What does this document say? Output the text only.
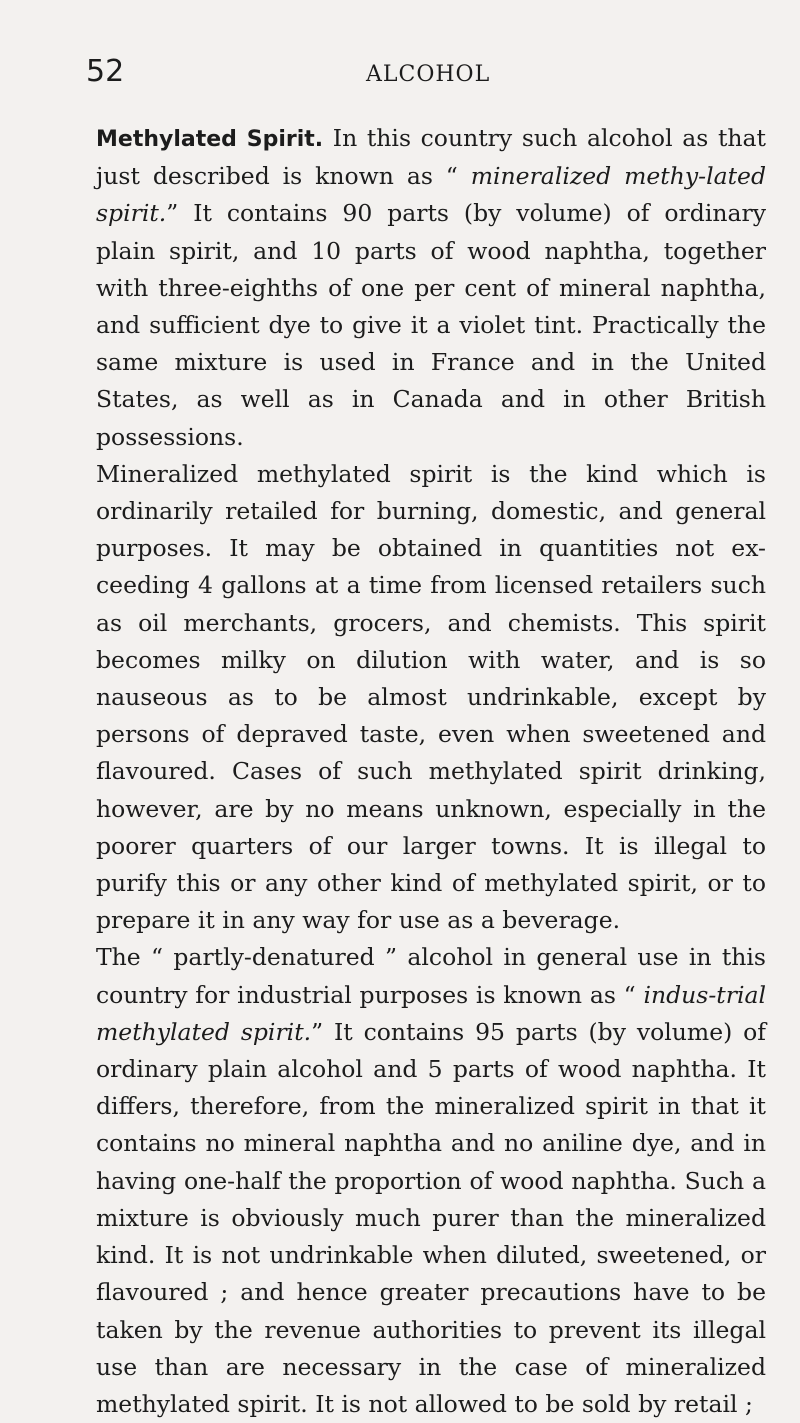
52	ALCOHOL

Methylated Spirit. In this country such alcohol as that just described is known as “ mineralized methy-lated spirit.” It contains 90 parts (by volume) of ordinary plain spirit, and 10 parts of wood naphtha, together with three-eighths of one per cent of mineral naphtha, and sufficient dye to give it a violet tint. Practically the same mixture is used in France and in the United States, as well as in Canada and in other British possessions.

Mineralized methylated spirit is the kind which is ordinarily retailed for burning, domestic, and general purposes. It may be obtained in quantities not ex-ceeding 4 gallons at a time from licensed retailers such as oil merchants, grocers, and chemists. This spirit becomes milky on dilution with water, and is so nauseous as to be almost undrinkable, except by persons of depraved taste, even when sweetened and flavoured. Cases of such methylated spirit drinking, however, are by no means unknown, especially in the poorer quarters of our larger towns. It is illegal to purify this or any other kind of methylated spirit, or to prepare it in any way for use as a beverage.

The “ partly-denatured ” alcohol in general use in this country for industrial purposes is known as “ indus-trial methylated spirit.” It contains 95 parts (by volume) of ordinary plain alcohol and 5 parts of wood naphtha. It differs, therefore, from the mineralized spirit in that it contains no mineral naphtha and no aniline dye, and in having one-half the proportion of wood naphtha. Such a mixture is obviously much purer than the mineralized kind. It is not undrinkable when diluted, sweetened, or flavoured ; and hence greater precautions have to be taken by the revenue authorities to prevent its illegal use than are necessary in the case of mineralized methylated spirit. It is not allowed to be sold by retail ;
